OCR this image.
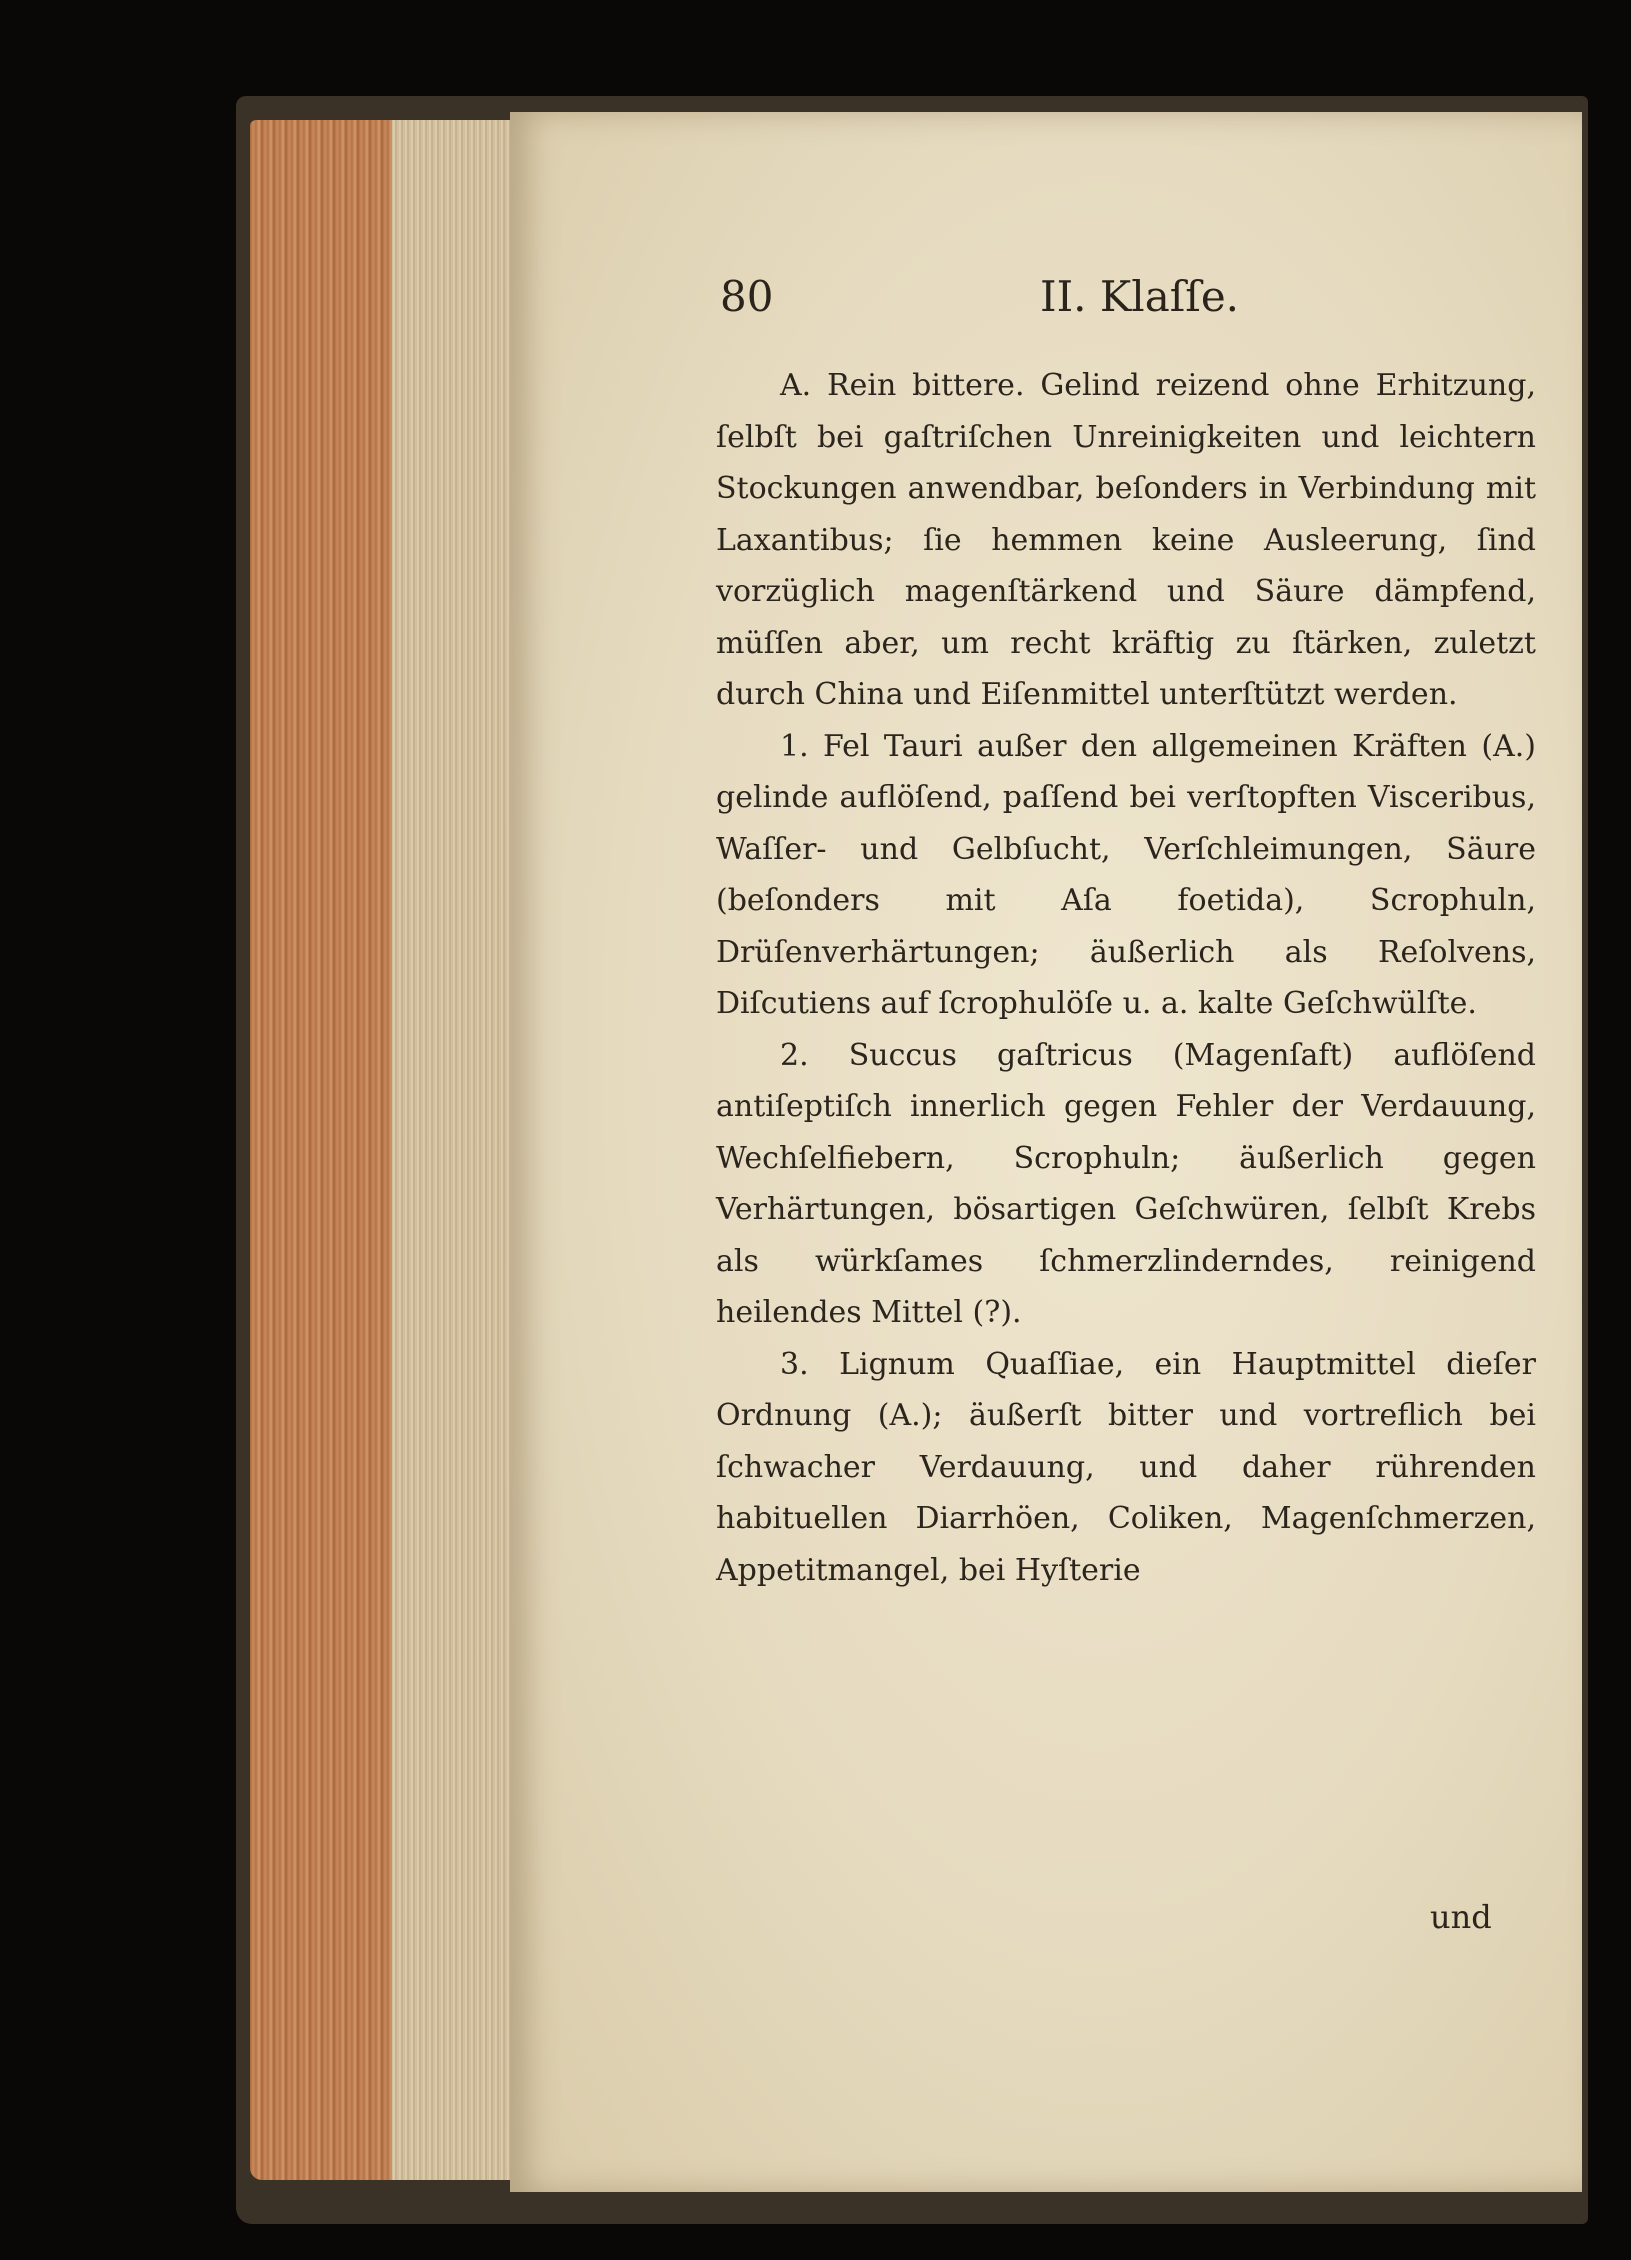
80	II. Klaſſe.

A. Rein bittere. Gelind reizend ohne Erhitzung, ſelbſt bei gaſtriſchen Unreinigkeiten und leichtern Stockungen anwendbar, beſonders in Verbindung mit Laxantibus; ſie hemmen keine Ausleerung, ſind vorzüglich magenſtärkend und Säure dämpfend, müſſen aber, um recht kräftig zu ſtärken, zuletzt durch China und Eiſenmittel unterſtützt werden.

1. Fel Tauri außer den allgemeinen Kräften (A.) gelinde auflöſend, paſſend bei verſtopften Visceribus, Waſſer- und Gelbſucht, Verſchleimungen, Säure (beſonders mit Aſa foetida), Scrophuln, Drüſenverhärtungen; äußerlich als Reſolvens, Diſcutiens auf ſcrophulöſe u. a. kalte Geſchwülſte.

2. Succus gaſtricus (Magenſaft) auflöſend antiſeptiſch innerlich gegen Fehler der Verdauung, Wechſelfiebern, Scrophuln; äußerlich gegen Verhärtungen, bösartigen Geſchwüren, ſelbſt Krebs als würkſames ſchmerzlinderndes, reinigend heilendes Mittel (?).

3. Lignum Quaſſiae, ein Hauptmittel dieſer Ordnung (A.); äußerſt bitter und vortreflich bei ſchwacher Verdauung, und daher rührenden habituellen Diarrhöen, Coliken, Magenſchmerzen, Appetitmangel, bei Hyſterie

und
